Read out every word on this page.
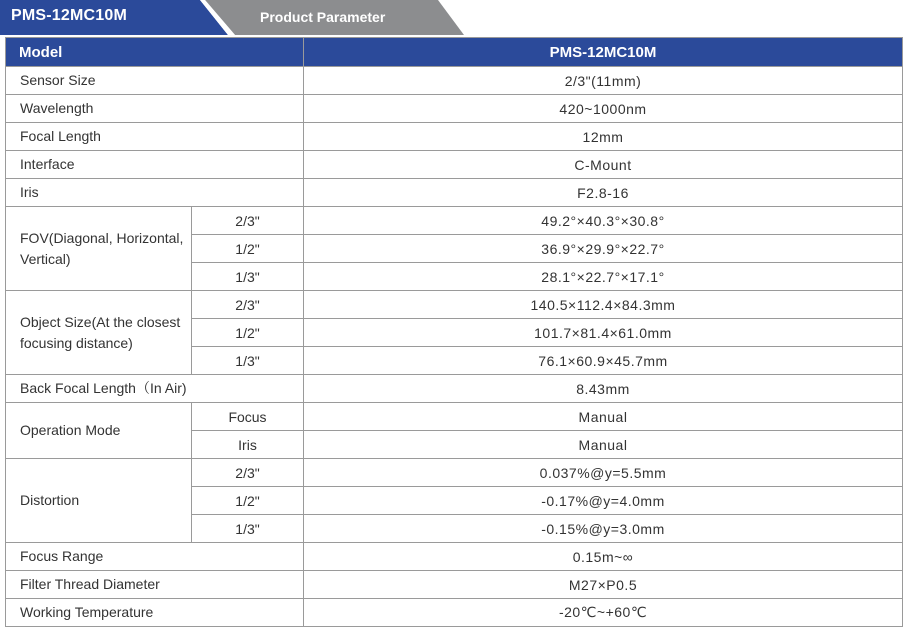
PMS-12MC10M	Product Parameter
Model		PMS-12MC10M
Sensor Size		2/3"(11mm)
Wavelength		420~1000nm
Focal Length		12mm
Interface		C-Mount
Iris		F2.8-16
FOV(Diagonal, Horizontal, Vertical)	2/3"	49.2°×40.3°×30.8°
	1/2"	36.9°×29.9°×22.7°
	1/3"	28.1°×22.7°×17.1°
Object Size(At the closest focusing distance)	2/3"	140.5×112.4×84.3mm
	1/2"	101.7×81.4×61.0mm
	1/3"	76.1×60.9×45.7mm
Back Focal Length（In Air)		8.43mm
Operation Mode	Focus	Manual
	Iris	Manual
Distortion	2/3"	0.037%@y=5.5mm
	1/2"	-0.17%@y=4.0mm
	1/3"	-0.15%@y=3.0mm
Focus Range		0.15m~∞
Filter Thread Diameter		M27×P0.5
Working Temperature		-20℃~+60℃
